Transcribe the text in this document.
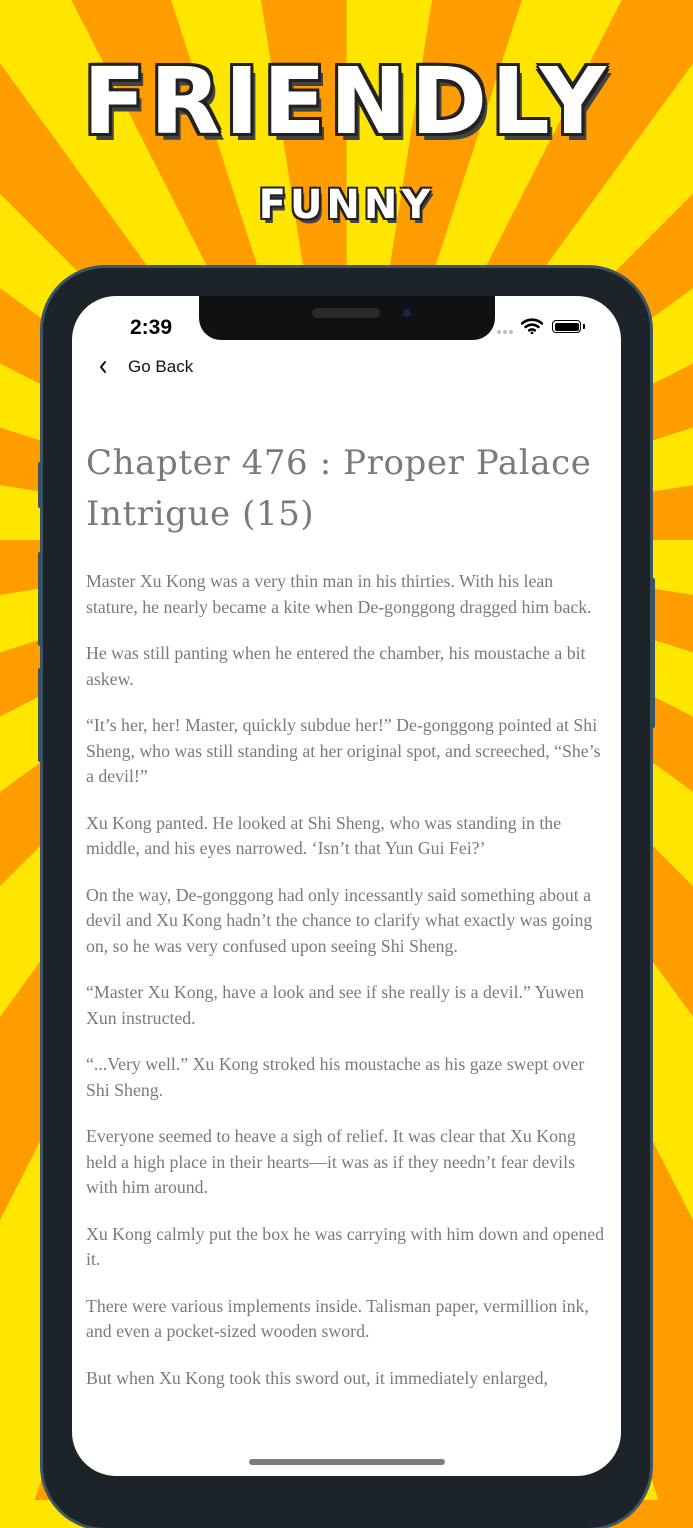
FRIENDLY
FUNNY
2:39
Go Back
Chapter 476 : Proper Palace Intrigue (15)

Master Xu Kong was a very thin man in his thirties. With his lean stature, he nearly became a kite when De-gonggong dragged him back.

He was still panting when he entered the chamber, his moustache a bit askew.

“It’s her, her! Master, quickly subdue her!” De-gonggong pointed at Shi Sheng, who was still standing at her original spot, and screeched, “She’s a devil!”

Xu Kong panted. He looked at Shi Sheng, who was standing in the middle, and his eyes narrowed. ‘Isn’t that Yun Gui Fei?’

On the way, De-gonggong had only incessantly said something about a devil and Xu Kong hadn’t the chance to clarify what exactly was going on, so he was very confused upon seeing Shi Sheng.

“Master Xu Kong, have a look and see if she really is a devil.” Yuwen Xun instructed.

“...Very well.” Xu Kong stroked his moustache as his gaze swept over Shi Sheng.

Everyone seemed to heave a sigh of relief. It was clear that Xu Kong held a high place in their hearts—it was as if they needn’t fear devils with him around.

Xu Kong calmly put the box he was carrying with him down and opened it.

There were various implements inside. Talisman paper, vermillion ink, and even a pocket-sized wooden sword.

But when Xu Kong took this sword out, it immediately enlarged,
